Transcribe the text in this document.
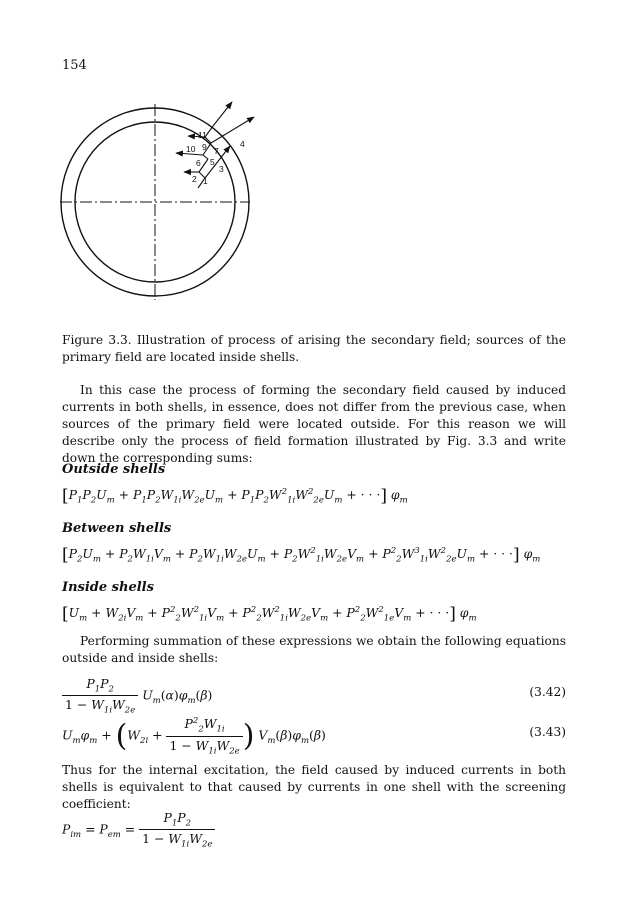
154
1
2
3
4
5
6
7
9
10
11
Figure 3.3. Illustration of process of arising the secondary field; sources of the primary field are located inside shells.
In this case the process of forming the secondary field caused by induced currents in both shells, in essence, does not differ from the previous case, when sources of the primary field were located outside. For this reason we will describe only the process of field formation illustrated by Fig. 3.3 and write down the corresponding sums:
Outside shells
[$P_1P_2U_m + P_1P_2W_{1i}W_{2e}U_m + P_1P_2W^2_{1i}W^2_{2e}U_m$ + · · ·] $\varphi_m$
Between shells
[$P_2U_m + P_2W_{1i}V_m + P_2W_{1i}W_{2e}U_m + P_2W^2_{1i}W_{2e}V_m + P^2_2W^3_{1i}W^2_{2e}U_m$ + · · ·] $\varphi_m$
Inside shells
[$U_m + W_{2i}V_m + P^2_2W^2_{1i}V_m + P^2_2W^2_{1i}W_{2e}V_m + P^2_2W^2_{1e}V_m$ + · · ·] $\varphi_m$
Performing summation of these expressions we obtain the following equations outside and inside shells:
$\frac{P_1P_2}{1 - W_{1i}W_{2e}} U_m(\alpha)\varphi_m(\beta)$	(3.42)
$U_m\varphi_m + (W_{2i} + \frac{P^2_2W_{1i}}{1 - W_{1i}W_{2e}}$ ) $V_m(\beta)\varphi_m(\beta)$	(3.43)
Thus for the internal excitation, the field caused by induced currents in both shells is equivalent to that caused by currents in one shell with the screening coefficient:
$P_{im} = P_{em} = \frac{P_1P_2}{1 - W_{1i}W_{2e}}$
